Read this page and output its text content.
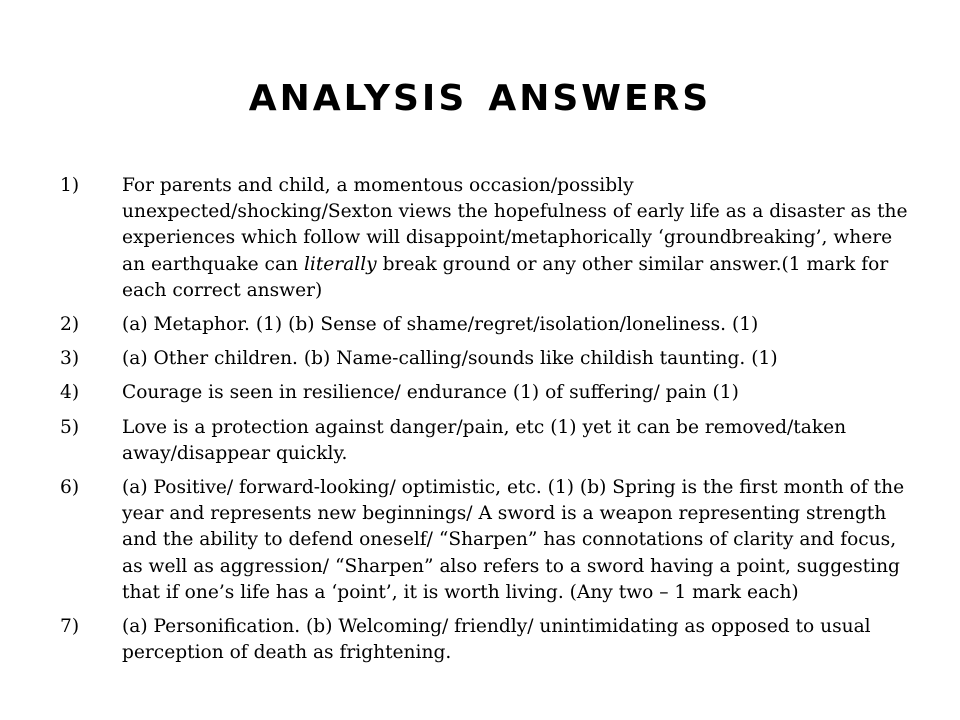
analysis answers
1)	For parents and child, a momentous occasion/possibly unexpected/shocking/Sexton views the hopefulness of early life as a disaster as the experiences which follow will disappoint/metaphorically ‘groundbreaking’, where an earthquake can literally break ground or any other similar answer.(1 mark for each correct answer)
2)	(a) Metaphor. (1) (b) Sense of shame/regret/isolation/loneliness. (1)
3)	(a) Other children. (b) Name-calling/sounds like childish taunting. (1)
4)	Courage is seen in resilience/ endurance (1) of suffering/ pain (1)
5)	Love is a protection against danger/pain, etc (1) yet it can be removed/taken away/disappear quickly.
6)	(a) Positive/ forward-looking/ optimistic, etc. (1) (b) Spring is the first month of the year and represents new beginnings/ A sword is a weapon representing strength and the ability to defend oneself/ “Sharpen” has connotations of clarity and focus, as well as aggression/ “Sharpen” also refers to a sword having a point, suggesting that if one’s life has a ‘point’, it is worth living. (Any two – 1 mark each)
7)	(a) Personification. (b) Welcoming/ friendly/ unintimidating as opposed to usual perception of death as frightening.
